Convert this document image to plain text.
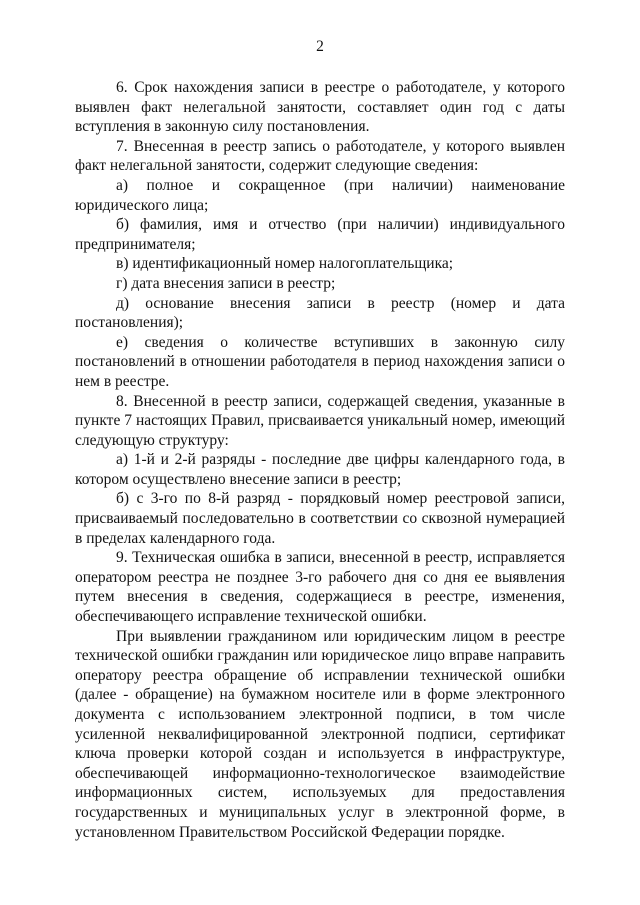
2

6. Срок нахождения записи в реестре о работодателе, у которого выявлен факт нелегальной занятости, составляет один год с даты вступления в законную силу постановления.

7. Внесенная в реестр запись о работодателе, у которого выявлен факт нелегальной занятости, содержит следующие сведения:

а) полное и сокращенное (при наличии) наименование юридического лица;

б) фамилия, имя и отчество (при наличии) индивидуального предпринимателя;

в) идентификационный номер налогоплательщика;

г) дата внесения записи в реестр;

д) основание внесения записи в реестр (номер и дата постановления);

е) сведения о количестве вступивших в законную силу постановлений в отношении работодателя в период нахождения записи о нем в реестре.

8. Внесенной в реестр записи, содержащей сведения, указанные в пункте 7 настоящих Правил, присваивается уникальный номер, имеющий следующую структуру:

а) 1-й и 2-й разряды - последние две цифры календарного года, в котором осуществлено внесение записи в реестр;

б) с 3-го по 8-й разряд - порядковый номер реестровой записи, присваиваемый последовательно в соответствии со сквозной нумерацией в пределах календарного года.

9. Техническая ошибка в записи, внесенной в реестр, исправляется оператором реестра не позднее 3-го рабочего дня со дня ее выявления путем внесения в сведения, содержащиеся в реестре, изменения, обеспечивающего исправление технической ошибки.

При выявлении гражданином или юридическим лицом в реестре технической ошибки гражданин или юридическое лицо вправе направить оператору реестра обращение об исправлении технической ошибки (далее - обращение) на бумажном носителе или в форме электронного документа с использованием электронной подписи, в том числе усиленной неквалифицированной электронной подписи, сертификат ключа проверки которой создан и используется в инфраструктуре, обеспечивающей информационно-технологическое взаимодействие информационных систем, используемых для предоставления государственных и муниципальных услуг в электронной форме, в установленном Правительством Российской Федерации порядке.
